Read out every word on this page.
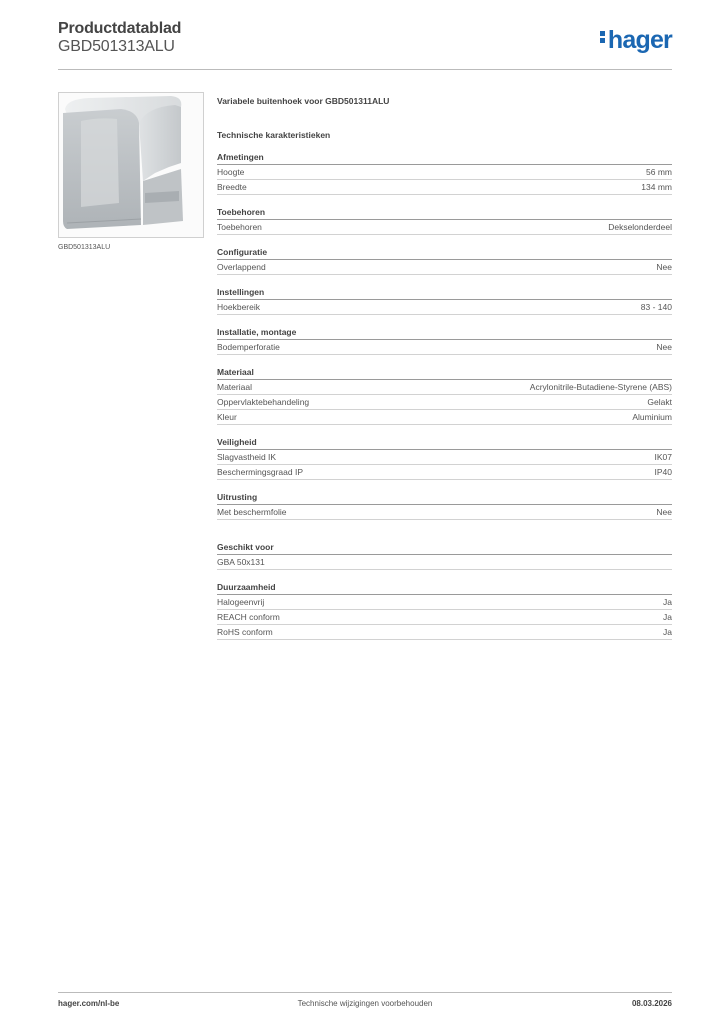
Productdatablad
GBD501313ALU	hager
GBD501313ALU
Variabele buitenhoek voor GBD501311ALU
Technische karakteristieken
Afmetingen
Hoogte	56 mm
Breedte	134 mm
Toebehoren
Toebehoren	Dekselonderdeel
Configuratie
Overlappend	Nee
Instellingen
Hoekbereik	83 - 140
Installatie, montage
Bodemperforatie	Nee
Materiaal
Materiaal	Acrylonitrile-Butadiene-Styrene (ABS)
Oppervlaktebehandeling	Gelakt
Kleur	Aluminium
Veiligheid
Slagvastheid IK	IK07
Beschermingsgraad IP	IP40
Uitrusting
Met beschermfolie	Nee
Geschikt voor
GBA 50x131
Duurzaamheid
Halogeenvrij	Ja
REACH conform	Ja
RoHS conform	Ja
hager.com/nl-be	Technische wijzigingen voorbehouden	08.03.2026
